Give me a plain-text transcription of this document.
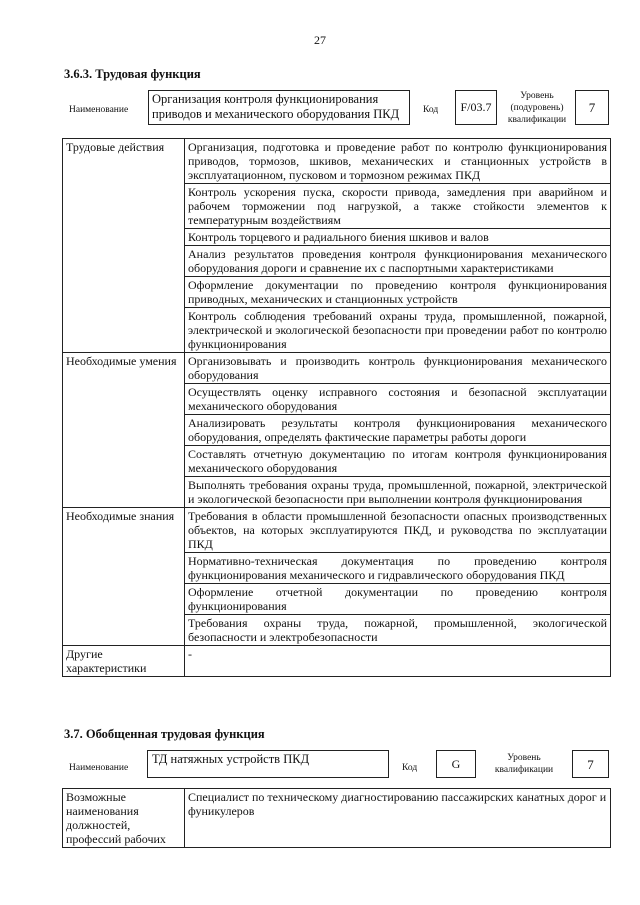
27
3.6.3. Трудовая функция
Наименование
Организация контроля функционирования приводов и механического оборудования ПКД	Код	F/03.7
Уровень (подуровень) квалификации
7
Трудовые действия	Организация, подготовка и проведение работ по контролю функционирования приводов, тормозов, шкивов, механических и станционных устройств в эксплуатационном, пусковом и тормозном режимах ПКД
	Контроль ускорения пуска, скорости привода, замедления при аварийном и рабочем торможении под нагрузкой, а также стойкости элементов к температурным воздействиям
	Контроль торцевого и радиального биения шкивов и валов
	Анализ результатов проведения контроля функционирования механического оборудования дороги и сравнение их с паспортными характеристиками
	Оформление документации по проведению контроля функционирования приводных, механических и станционных устройств
	Контроль соблюдения требований охраны труда, промышленной, пожарной, электрической и экологической безопасности при проведении работ по контролю функционирования
Необходимые умения	Организовывать и производить контроль функционирования механического оборудования
	Осуществлять оценку исправного состояния и безопасной эксплуатации механического оборудования
	Анализировать результаты контроля функционирования механического оборудования, определять фактические параметры работы дороги
	Составлять отчетную документацию по итогам контроля функционирования механического оборудования
	Выполнять требования охраны труда, промышленной, пожарной, электрической и экологической безопасности при выполнении контроля функционирования
Необходимые знания	Требования в области промышленной безопасности опасных производственных объектов, на которых эксплуатируются ПКД, и руководства по эксплуатации ПКД
	Нормативно-техническая документация по проведению контроля функционирования механического и гидравлического оборудования ПКД
	Оформление отчетной документации по проведению контроля функционирования
	Требования охраны труда, пожарной, промышленной, экологической безопасности и электробезопасности
Другие характеристики	-
3.7. Обобщенная трудовая функция
Наименование
ТД натяжных устройств ПКД
Код	G	Уровень квалификации	7
Возможные наименования должностей, профессий рабочих	Специалист по техническому диагностированию пассажирских канатных дорог и фуникулеров
